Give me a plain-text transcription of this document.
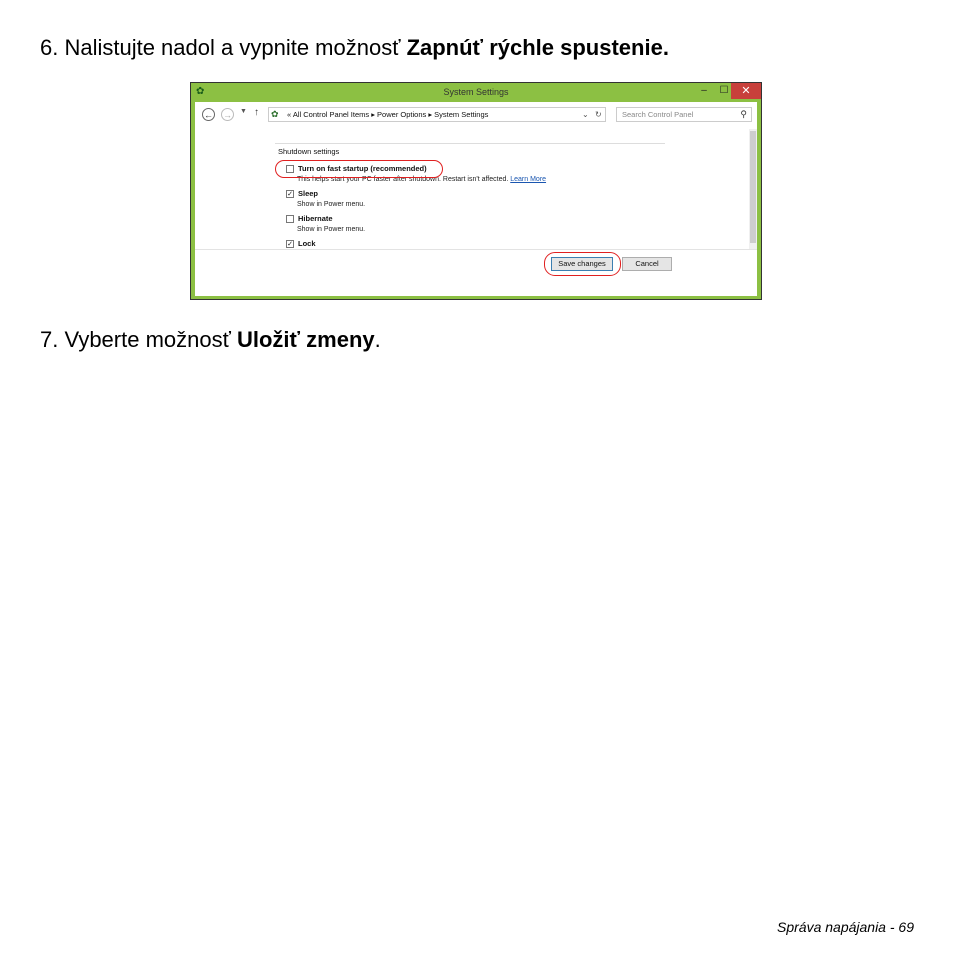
6. Nalistujte nadol a vypnite možnosť Zapnúť rýchle spustenie.
✿	System Settings	–	☐	✕
← → ▼ ↑ ✿ « All Control Panel Items ▸ Power Options ▸ System Settings	⌄ ↻	Search Control Panel	⚲
Shutdown settings
Turn on fast startup (recommended)
This helps start your PC faster after shutdown. Restart isn't affected. Learn More
✓ Sleep
Show in Power menu.
Hibernate
Show in Power menu.
✓ Lock
Save changes	Cancel
7. Vyberte možnosť Uložiť zmeny.
Správa napájania - 69
